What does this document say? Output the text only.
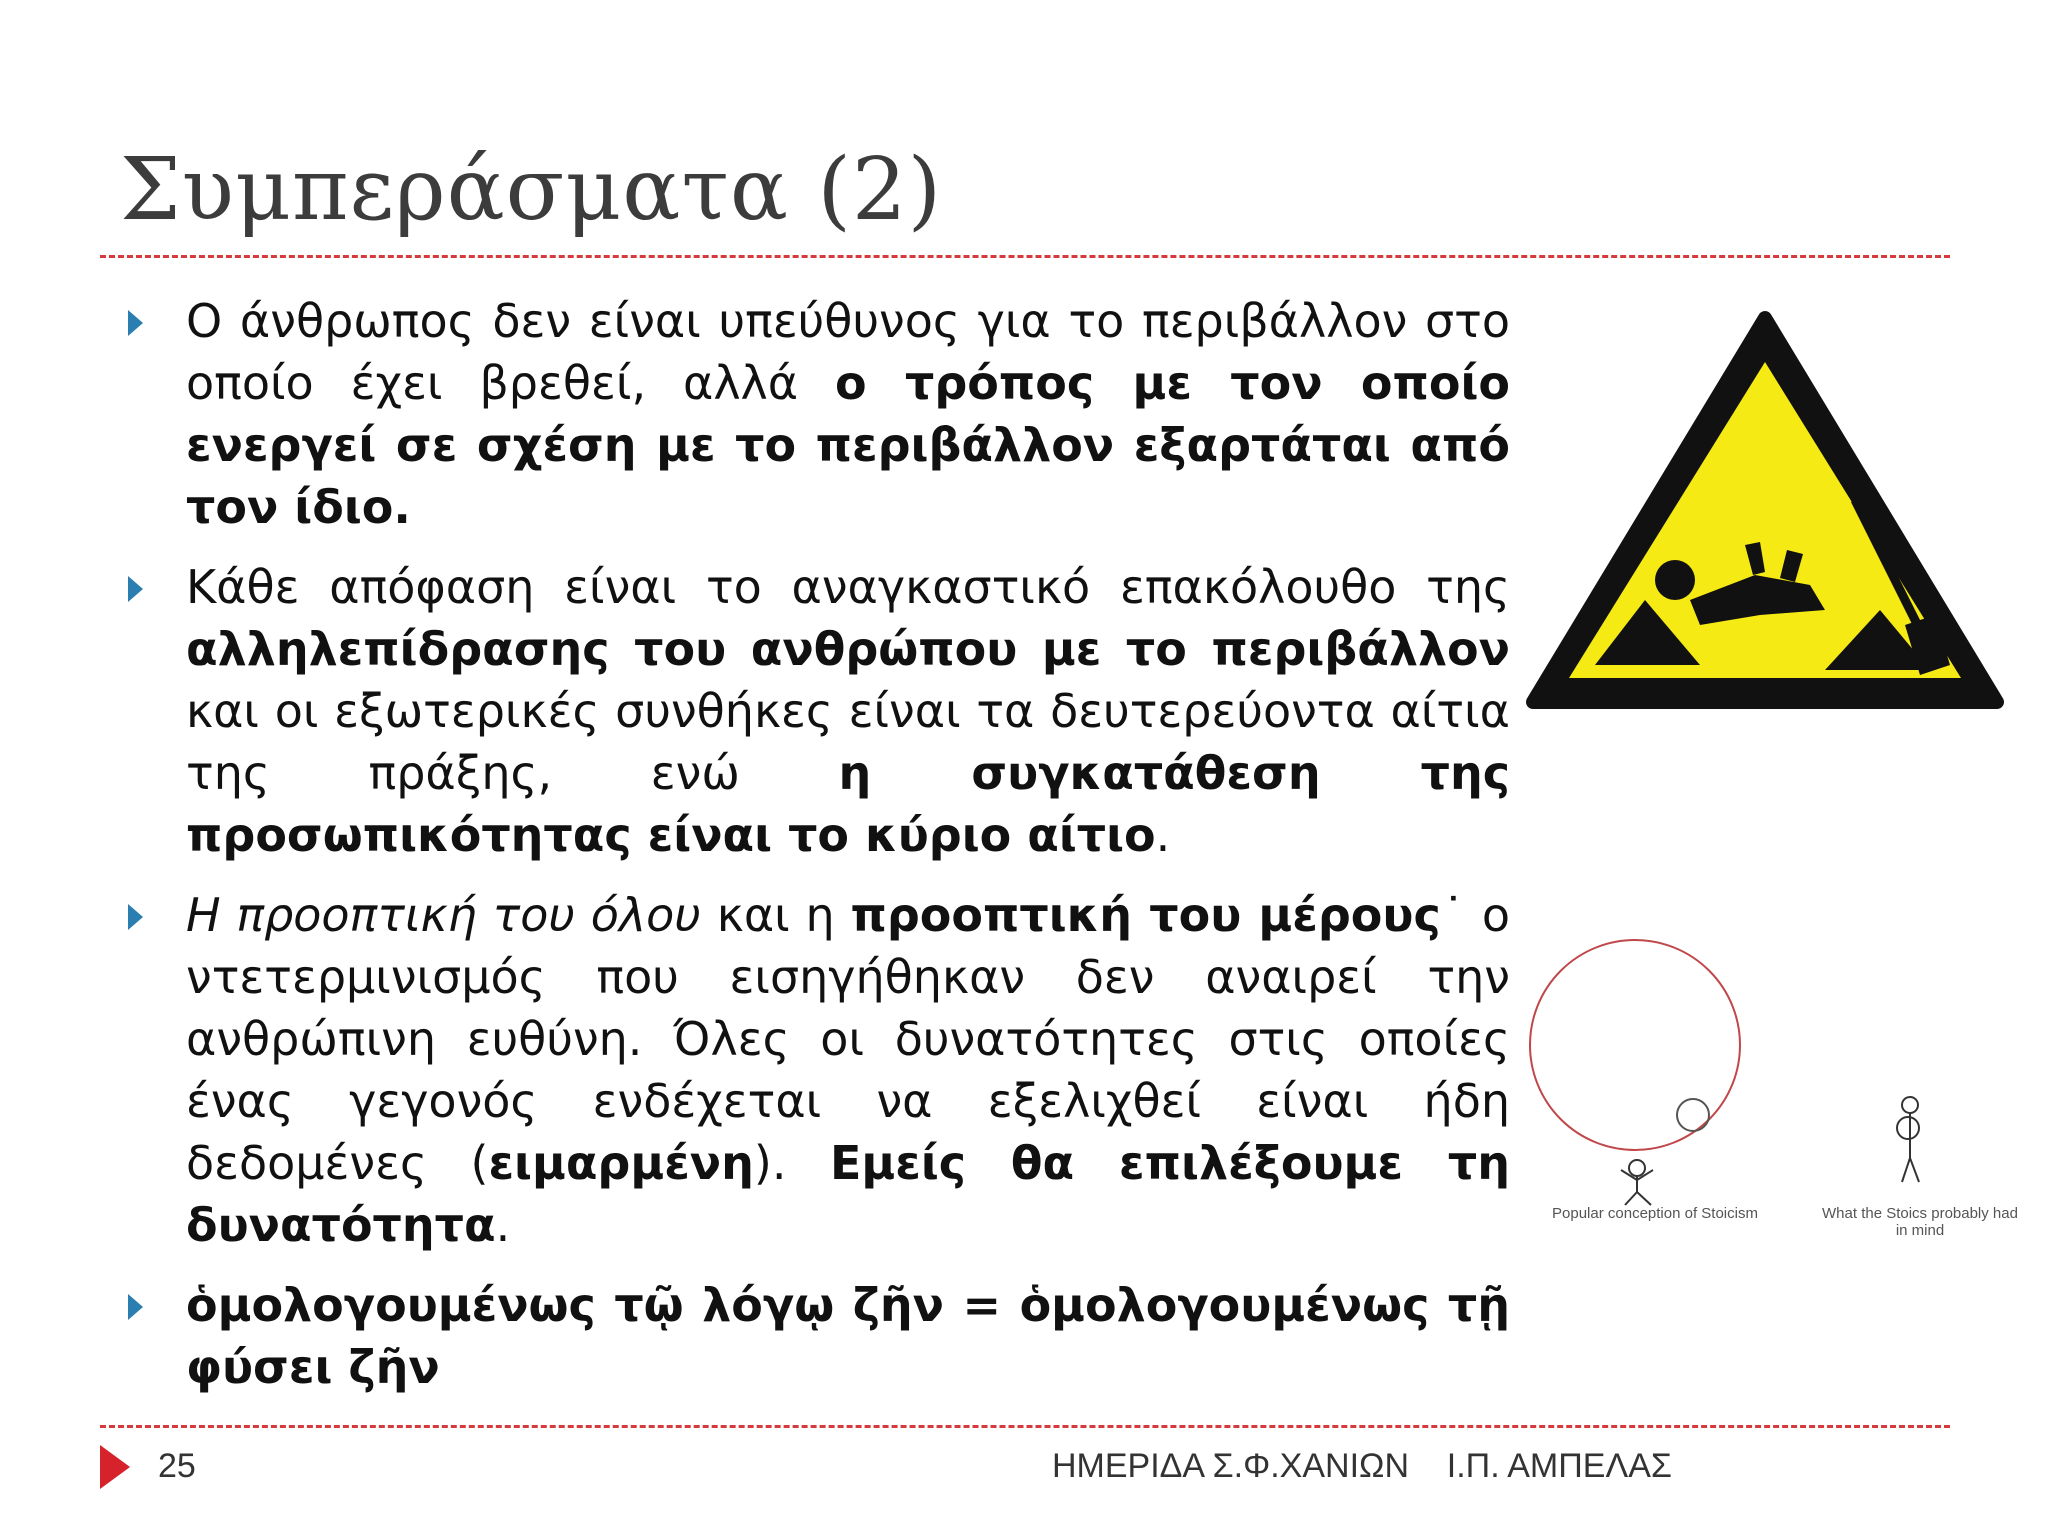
Συμπεράσματα (2)
Ο άνθρωπος δεν είναι υπεύθυνος για το περιβάλλον στο οποίο έχει βρεθεί, αλλά ο τρόπος με τον οποίο ενεργεί σε σχέση με το περιβάλλον εξαρτάται από τον ίδιο.
Κάθε απόφαση είναι το αναγκαστικό επακόλουθο της αλληλεπίδρασης του ανθρώπου με το περιβάλλον και οι εξωτερικές συνθήκες είναι τα δευτερεύοντα αίτια της πράξης, ενώ η συγκατάθεση της προσωπικότητας είναι το κύριο αίτιο.
Η προοπτική του όλου και η προοπτική του μέρους˙ ο ντετερμινισμός που εισηγήθηκαν δεν αναιρεί την ανθρώπινη ευθύνη. Όλες οι δυνατότητες στις οποίες ένας γεγονός ενδέχεται να εξελιχθεί είναι ήδη δεδομένες (ειμαρμένη). Εμείς θα επιλέξουμε τη δυνατότητα.
ὁμολογουμένως τῷ λόγῳ ζῆν = ὁμολογουμένως τῇ φύσει ζῆν
Popular conception of Stoicism	What the Stoics probably had in mind
25	ΗΜΕΡΙΔΑ Σ.Φ.ΧΑΝΙΩΝ    Ι.Π. ΑΜΠΕΛΑΣ
